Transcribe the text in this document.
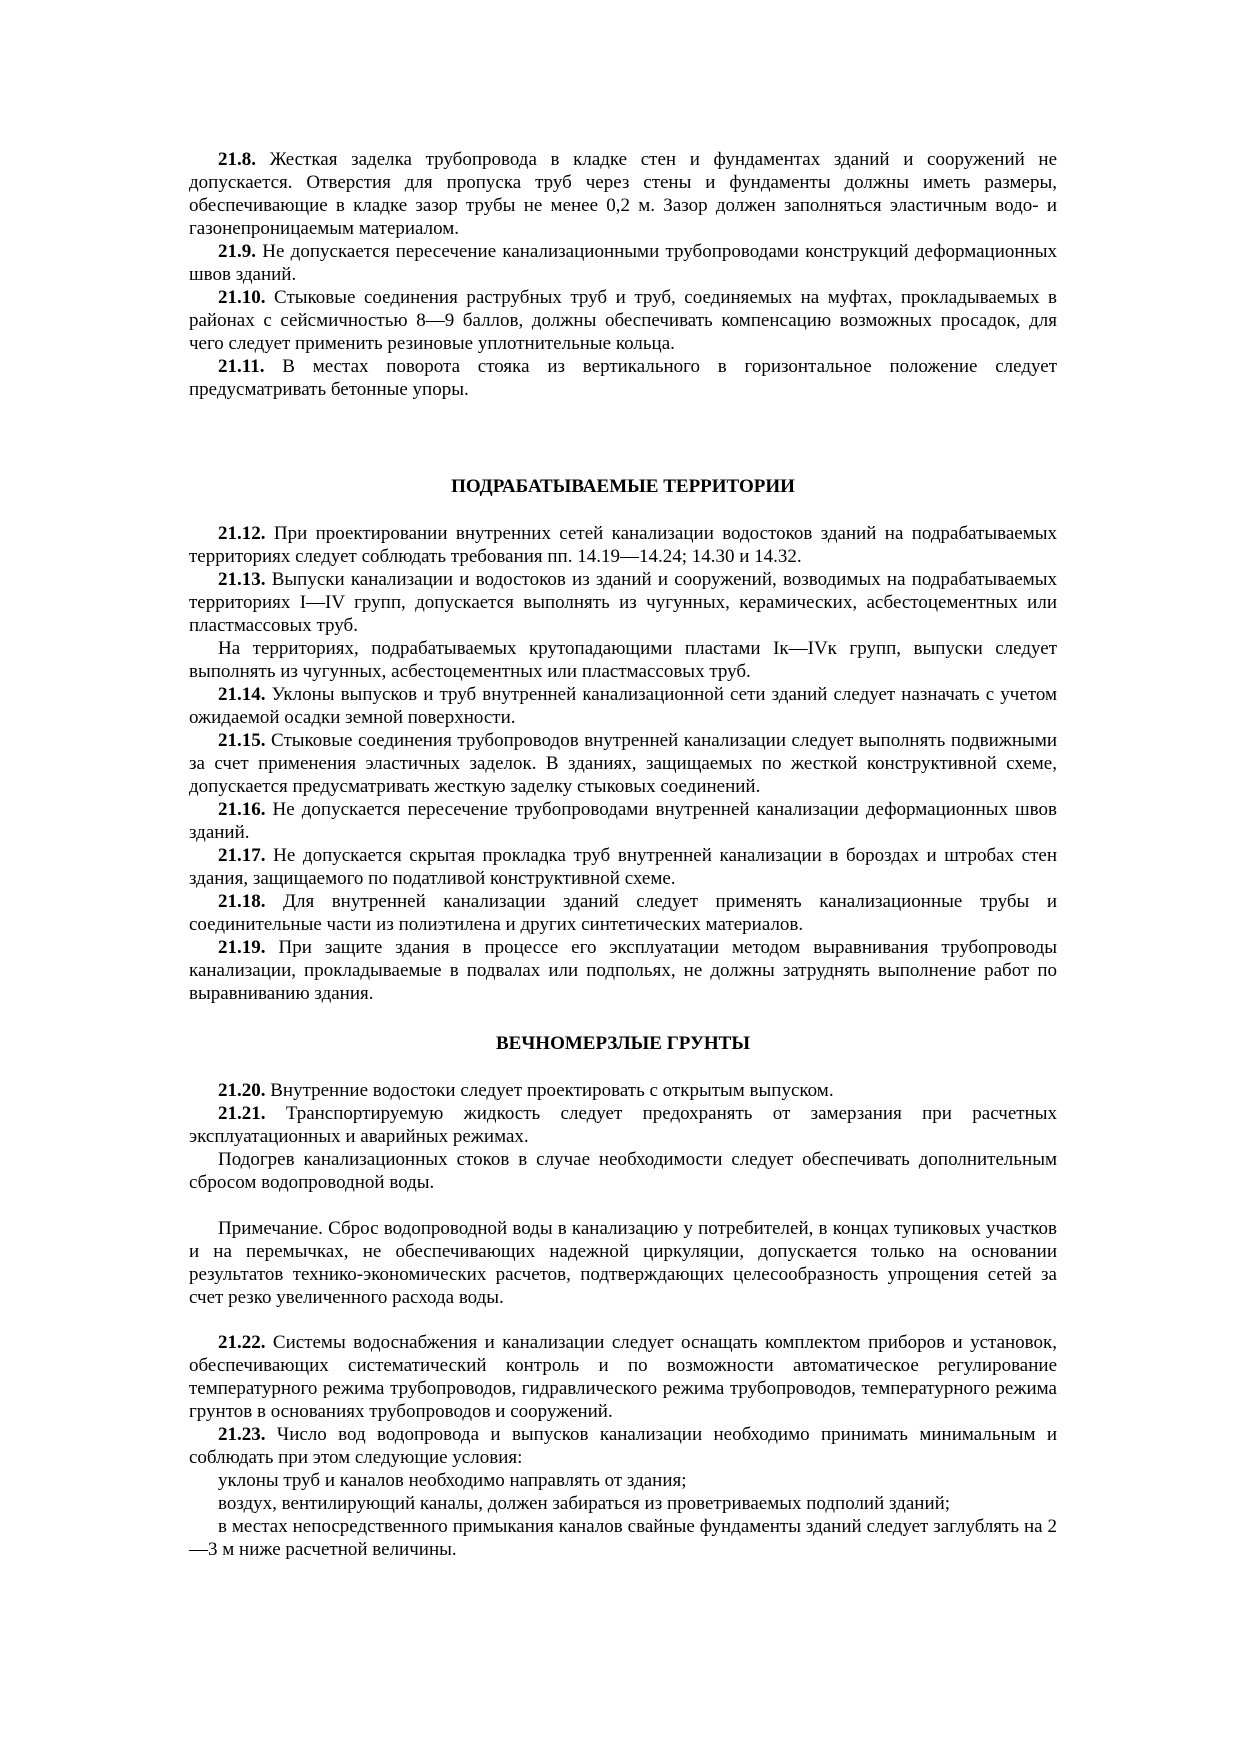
21.8. Жесткая заделка трубопровода в кладке стен и фундаментах зданий и сооружений не допускается. Отверстия для пропуска труб через стены и фундаменты должны иметь размеры, обеспечивающие в кладке зазор трубы не менее 0,2 м. Зазор должен заполняться эластичным водо- и газонепроницаемым материалом.

21.9. Не допускается пересечение канализационными трубопроводами конструкций деформационных швов зданий.

21.10. Стыковые соединения раструбных труб и труб, соединяемых на муфтах, прокладываемых в районах с сейсмичностью 8—9 баллов, должны обеспечивать компенсацию возможных просадок, для чего следует применить резиновые уплотнительные кольца.

21.11. В местах поворота стояка из вертикального в горизонтальное положение следует предусматривать бетонные упоры.

ПОДРАБАТЫВАЕМЫЕ ТЕРРИТОРИИ

21.12. При проектировании внутренних сетей канализации водостоков зданий на подрабатываемых территориях следует соблюдать требования пп. 14.19—14.24; 14.30 и 14.32.

21.13. Выпуски канализации и водостоков из зданий и сооружений, возводимых на подрабатываемых территориях I—IV групп, допускается выполнять из чугунных, керамических, асбестоцементных или пластмассовых труб.

На территориях, подрабатываемых крутопадающими пластами Iк—IVк групп, выпуски следует выполнять из чугунных, асбестоцементных или пластмассовых труб.

21.14. Уклоны выпусков и труб внутренней канализационной сети зданий следует назначать с учетом ожидаемой осадки земной поверхности.

21.15. Стыковые соединения трубопроводов внутренней канализации следует выполнять подвижными за счет применения эластичных заделок. В зданиях, защищаемых по жесткой конструктивной схеме, допускается предусматривать жесткую заделку стыковых соединений.

21.16. Не допускается пересечение трубопроводами внутренней канализации деформационных швов зданий.

21.17. Не допускается скрытая прокладка труб внутренней канализации в бороздах и штробах стен здания, защищаемого по податливой конструктивной схеме.

21.18. Для внутренней канализации зданий следует применять канализационные трубы и соединительные части из полиэтилена и других синтетических материалов.

21.19. При защите здания в процессе его эксплуатации методом выравнивания трубопроводы канализации, прокладываемые в подвалах или подпольях, не должны затруднять выполнение работ по выравниванию здания.

ВЕЧНОМЕРЗЛЫЕ ГРУНТЫ

21.20. Внутренние водостоки следует проектировать с открытым выпуском.

21.21. Транспортируемую жидкость следует предохранять от замерзания при расчетных эксплуатационных и аварийных режимах.

Подогрев канализационных стоков в случае необходимости следует обеспечивать дополнительным сбросом водопроводной воды.

Примечание. Сброс водопроводной воды в канализацию у потребителей, в концах тупиковых участков и на перемычках, не обеспечивающих надежной циркуляции, допускается только на основании результатов технико-экономических расчетов, подтверждающих целесообразность упрощения сетей за счет резко увеличенного расхода воды.

21.22. Системы водоснабжения и канализации следует оснащать комплектом приборов и установок, обеспечивающих систематический контроль и по возможности автоматическое регулирование температурного режима трубопроводов, гидравлического режима трубопроводов, температурного режима грунтов в основаниях трубопроводов и сооружений.

21.23. Число вод водопровода и выпусков канализации необходимо принимать минимальным и соблюдать при этом следующие условия:

уклоны труб и каналов необходимо направлять от здания;

воздух, вентилирующий каналы, должен забираться из проветриваемых подполий зданий;

в местах непосредственного примыкания каналов свайные фундаменты зданий следует заглублять на 2—3 м ниже расчетной величины.
